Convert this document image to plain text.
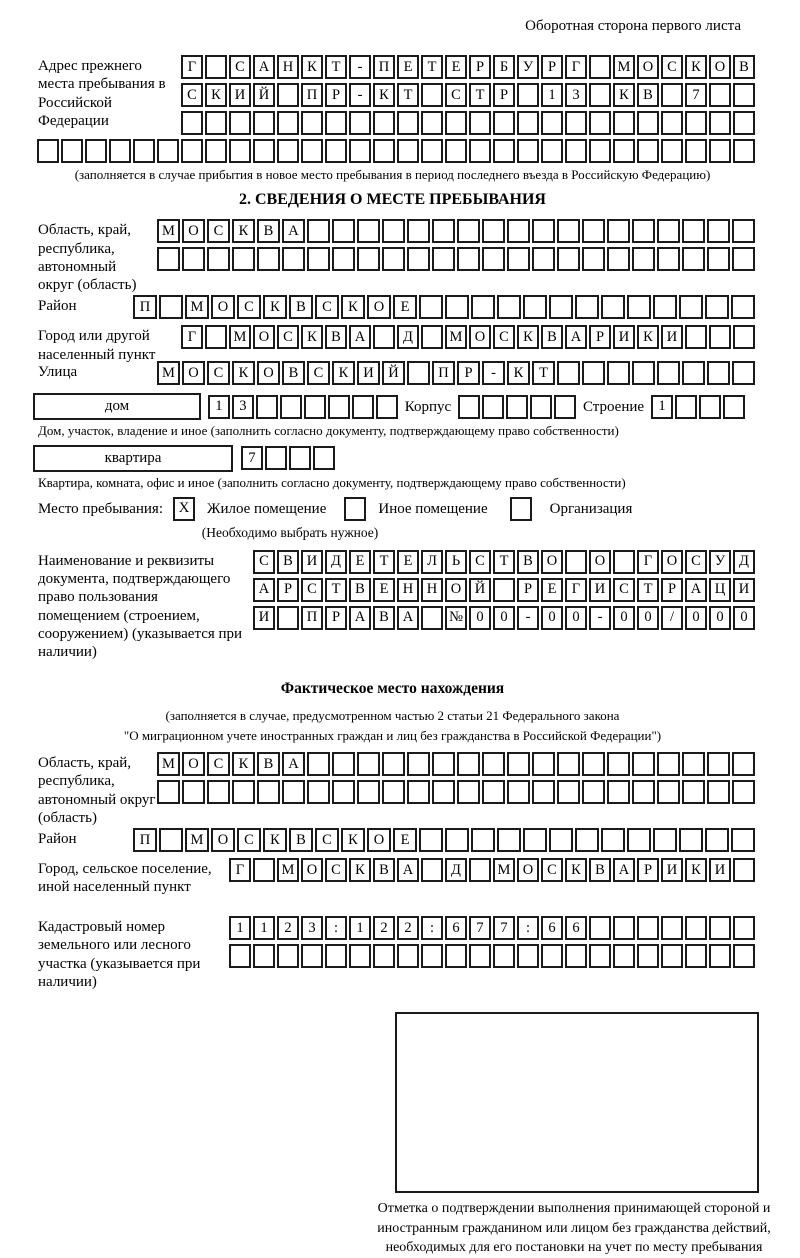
Оборотная сторона первого листа
Адрес прежнего места пребывания в Российской Федерации
Г	С А Н К	Т	-	П Е	Т	Е	Р	Б	У	Р	Г	М О С К О В
С К И Й	П	Р	-	К	Т	С	Т	Р	1	3	К В	7
(заполняется в случае прибытия в новое место пребывания в период последнего въезда в Российскую Федерацию)
2. СВЕДЕНИЯ О МЕСТЕ ПРЕБЫВАНИЯ
Область, край, республика, автономный округ (область)
М О	С	К	В	А
Район	П	М О	С	К	В	С	К	О	Е
Город или другой населенный пункт
Г	М О С К В А	Д	М О С К В А	Р	И К И
Улица	М О	С	К	О	В	С	К	И	Й	П	Р	-	К	Т
дом	1	3	Корпус	Строение 1
Дом, участок, владение и иное (заполнить согласно документу, подтверждающему право собственности)
квартира	7
Квартира, комната, офис и иное (заполнить согласно документу, подтверждающему право собственности)
Место пребывания:	X	Жилое помещение	Иное помещение	Организация
(Необходимо выбрать нужное)
Наименование и реквизиты документа, подтверждающего право пользования помещением (строением, сооружением) (указывается при наличии)
С В И Д	Е	Т	Е	Л	Ь	С	Т	В О	О	Г	О С У Д
А	Р	С	Т	В	Е Н Н О Й	Р	Е	Г	И С	Т	Р	А Ц И
И	П	Р	А В А	№ 0	0	-	0	0	-	0	0	/	0	0	0
Фактическое место нахождения
(заполняется в случае, предусмотренном частью 2 статьи 21 Федерального закона
"О миграционном учете иностранных граждан и лиц без гражданства в Российской Федерации")
Область, край, республика, автономный округ (область)
М О	С	К	В	А
Район	П	М О	С	К	В	С	К	О	Е
Город, сельское поселение, иной населенный пункт
Г	М О С К В А	Д	М О С К В А	Р	И К И
Кадастровый номер земельного или лесного участка (указывается при наличии)
1	1	2	3	:	1	2	2	:	6	7	7	:	6	6
Отметка о подтверждении выполнения принимающей стороной и иностранным гражданином или лицом без гражданства действий, необходимых для его постановки на учет по месту пребывания
